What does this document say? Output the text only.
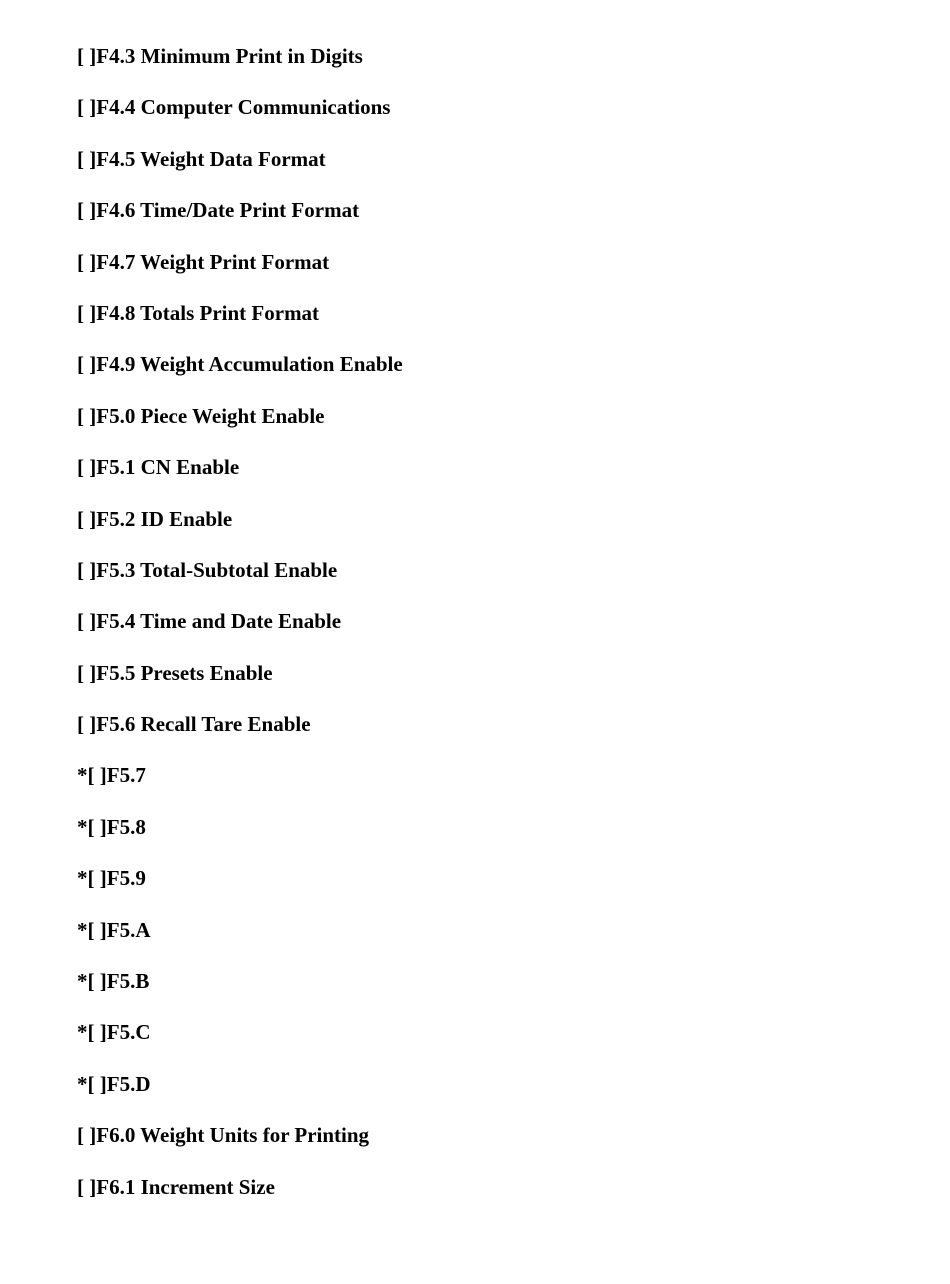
[ ]F4.3 Minimum Print in Digits
[ ]F4.4 Computer Communications
[ ]F4.5 Weight Data Format
[ ]F4.6 Time/Date Print Format
[ ]F4.7 Weight Print Format
[ ]F4.8 Totals Print Format
[ ]F4.9 Weight Accumulation Enable
[ ]F5.0 Piece Weight Enable
[ ]F5.1 CN Enable
[ ]F5.2 ID Enable
[ ]F5.3 Total-Subtotal Enable
[ ]F5.4 Time and Date Enable
[ ]F5.5 Presets Enable
[ ]F5.6 Recall Tare Enable
*[ ]F5.7
*[ ]F5.8
*[ ]F5.9
*[ ]F5.A
*[ ]F5.B
*[ ]F5.C
*[ ]F5.D
[ ]F6.0 Weight Units for Printing
[ ]F6.1 Increment Size
